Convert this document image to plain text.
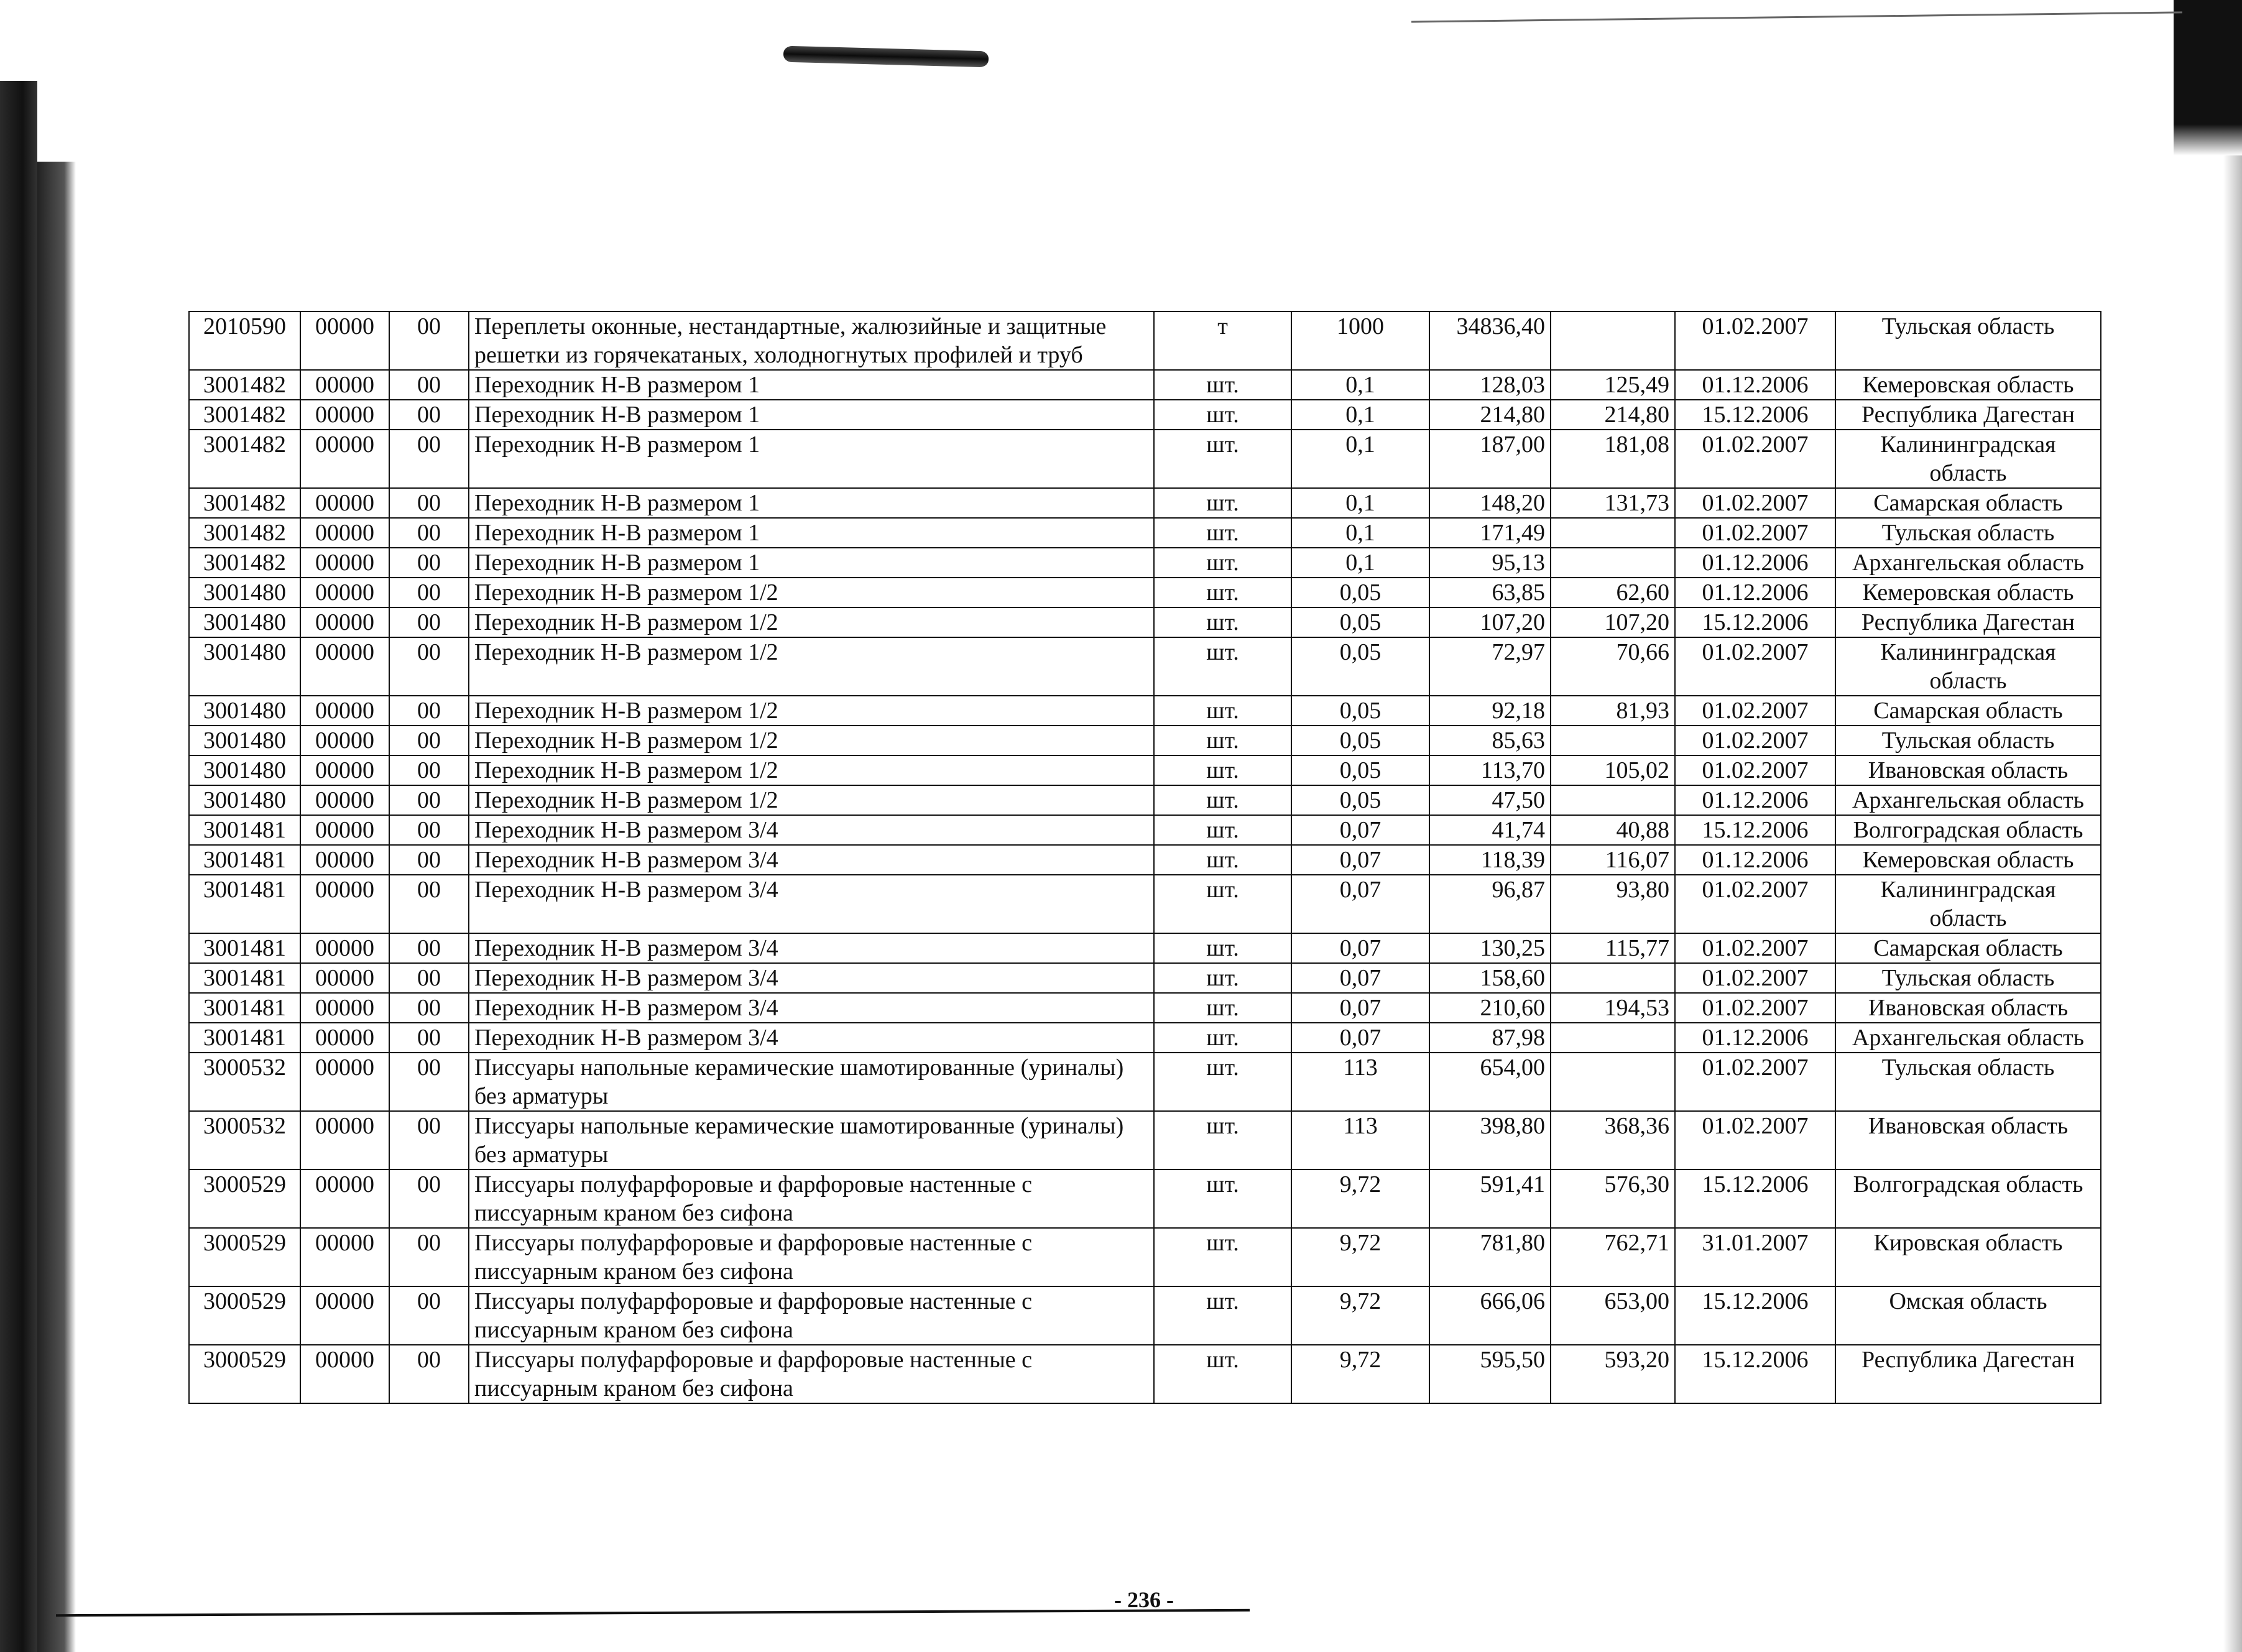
2010590	00000	00	Переплеты оконные, нестандартные, жалюзийные и защитные решетки из горячекатаных, холодногнутых профилей и труб	т	1000	34836,40		01.02.2007	Тульская область
3001482	00000	00	Переходник Н-В размером 1	шт.	0,1	128,03	125,49	01.12.2006	Кемеровская область
3001482	00000	00	Переходник Н-В размером 1	шт.	0,1	214,80	214,80	15.12.2006	Республика Дагестан
3001482	00000	00	Переходник Н-В размером 1	шт.	0,1	187,00	181,08	01.02.2007	Калининградская область
3001482	00000	00	Переходник Н-В размером 1	шт.	0,1	148,20	131,73	01.02.2007	Самарская область
3001482	00000	00	Переходник Н-В размером 1	шт.	0,1	171,49		01.02.2007	Тульская область
3001482	00000	00	Переходник Н-В размером 1	шт.	0,1	95,13		01.12.2006	Архангельская область
3001480	00000	00	Переходник Н-В размером 1/2	шт.	0,05	63,85	62,60	01.12.2006	Кемеровская область
3001480	00000	00	Переходник Н-В размером 1/2	шт.	0,05	107,20	107,20	15.12.2006	Республика Дагестан
3001480	00000	00	Переходник Н-В размером 1/2	шт.	0,05	72,97	70,66	01.02.2007	Калининградская область
3001480	00000	00	Переходник Н-В размером 1/2	шт.	0,05	92,18	81,93	01.02.2007	Самарская область
3001480	00000	00	Переходник Н-В размером 1/2	шт.	0,05	85,63		01.02.2007	Тульская область
3001480	00000	00	Переходник Н-В размером 1/2	шт.	0,05	113,70	105,02	01.02.2007	Ивановская область
3001480	00000	00	Переходник Н-В размером 1/2	шт.	0,05	47,50		01.12.2006	Архангельская область
3001481	00000	00	Переходник Н-В размером 3/4	шт.	0,07	41,74	40,88	15.12.2006	Волгоградская область
3001481	00000	00	Переходник Н-В размером 3/4	шт.	0,07	118,39	116,07	01.12.2006	Кемеровская область
3001481	00000	00	Переходник Н-В размером 3/4	шт.	0,07	96,87	93,80	01.02.2007	Калининградская область
3001481	00000	00	Переходник Н-В размером 3/4	шт.	0,07	130,25	115,77	01.02.2007	Самарская область
3001481	00000	00	Переходник Н-В размером 3/4	шт.	0,07	158,60		01.02.2007	Тульская область
3001481	00000	00	Переходник Н-В размером 3/4	шт.	0,07	210,60	194,53	01.02.2007	Ивановская область
3001481	00000	00	Переходник Н-В размером 3/4	шт.	0,07	87,98		01.12.2006	Архангельская область
3000532	00000	00	Писсуары напольные керамические шамотированные (уриналы) без арматуры	шт.	113	654,00		01.02.2007	Тульская область
3000532	00000	00	Писсуары напольные керамические шамотированные (уриналы) без арматуры	шт.	113	398,80	368,36	01.02.2007	Ивановская область
3000529	00000	00	Писсуары полуфарфоровые и фарфоровые настенные с писсуарным краном без сифона	шт.	9,72	591,41	576,30	15.12.2006	Волгоградская область
3000529	00000	00	Писсуары полуфарфоровые и фарфоровые настенные с писсуарным краном без сифона	шт.	9,72	781,80	762,71	31.01.2007	Кировская область
3000529	00000	00	Писсуары полуфарфоровые и фарфоровые настенные с писсуарным краном без сифона	шт.	9,72	666,06	653,00	15.12.2006	Омская область
3000529	00000	00	Писсуары полуфарфоровые и фарфоровые настенные с писсуарным краном без сифона	шт.	9,72	595,50	593,20	15.12.2006	Республика Дагестан
- 236 -
